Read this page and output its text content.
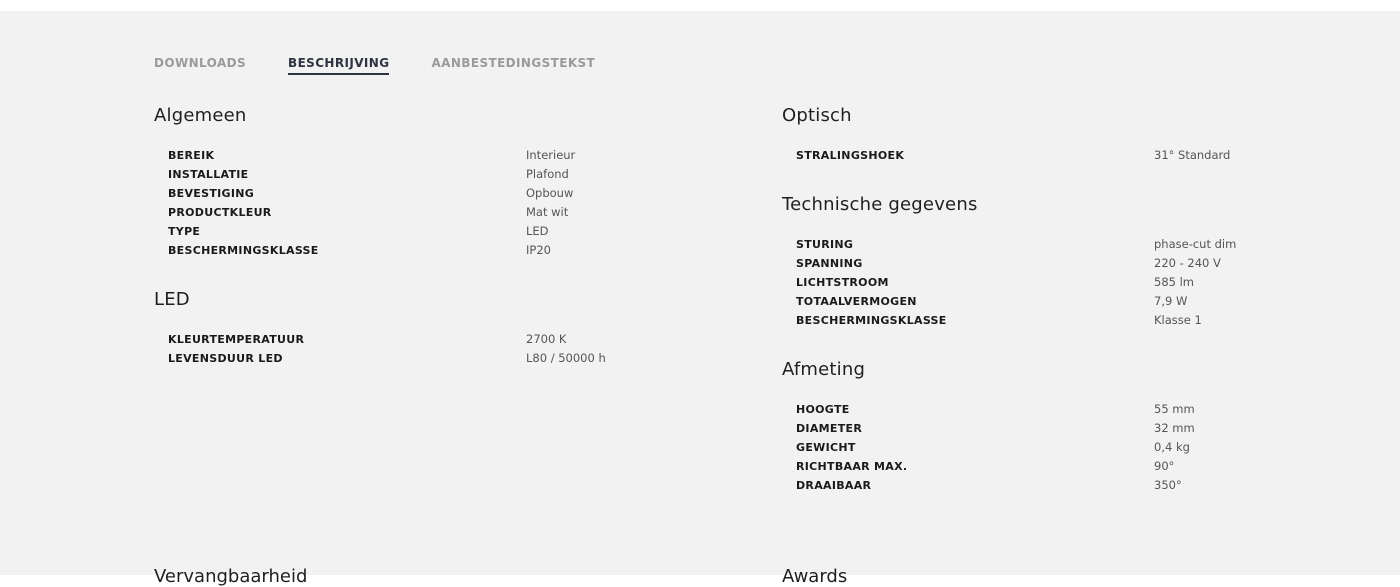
DOWNLOADS	BESCHRIJVING	AANBESTEDINGSTEKST
Algemeen
BEREIK	Interieur
INSTALLATIE	Plafond
BEVESTIGING	Opbouw
PRODUCTKLEUR	Mat wit
TYPE	LED
BESCHERMINGSKLASSE	IP20
LED
KLEURTEMPERATUUR	2700 K
LEVENSDUUR LED	L80 / 50000 h
Optisch
STRALINGSHOEK	31° Standard
Technische gegevens
STURING	phase-cut dim
SPANNING	220 - 240 V
LICHTSTROOM	585 lm
TOTAALVERMOGEN	7,9 W
BESCHERMINGSKLASSE	Klasse 1
Afmeting
HOOGTE	55 mm
DIAMETER	32 mm
GEWICHT	0,4 kg
RICHTBAAR MAX.	90°
DRAAIBAAR	350°
Vervangbaarheid	Awards
